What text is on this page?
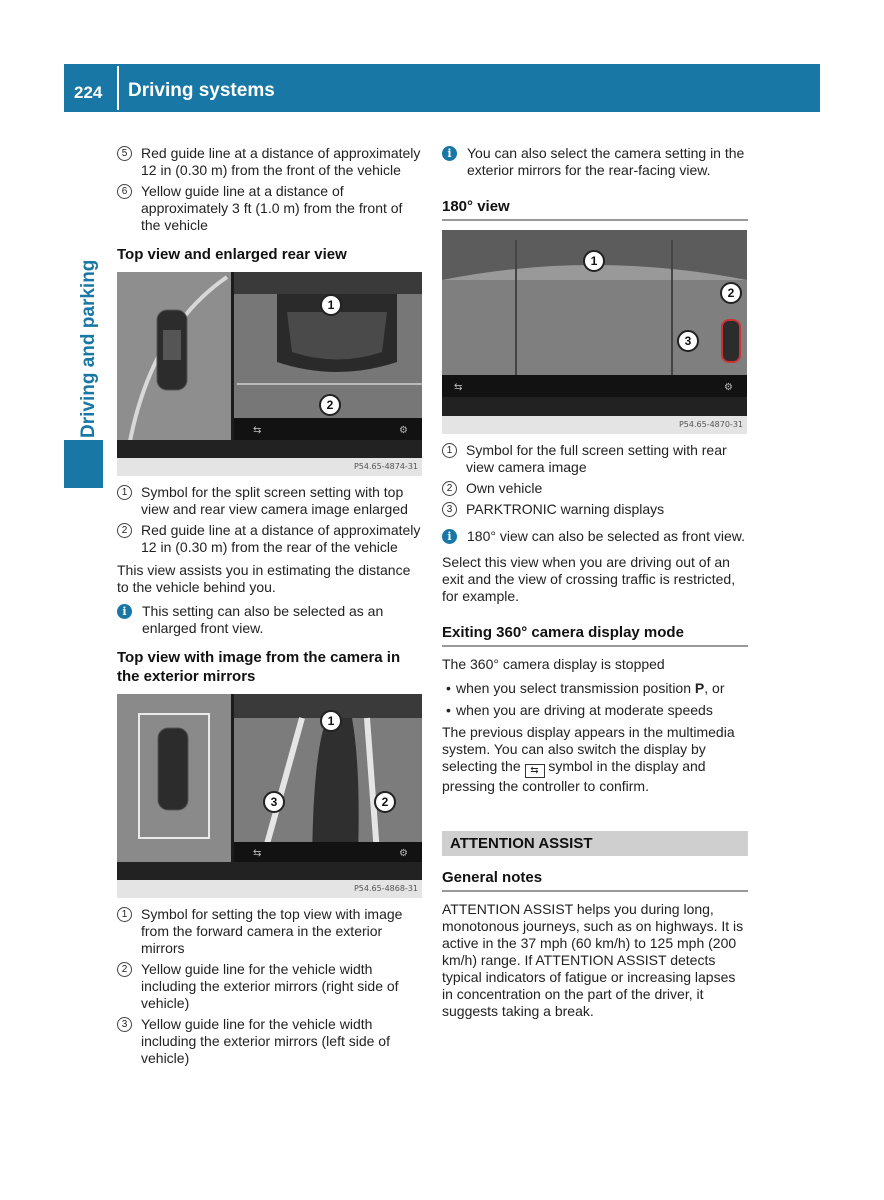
224 Driving systems
Driving and parking
5 Red guide line at a distance of approximately 12 in (0.30 m) from the front of the vehicle
6 Yellow guide line at a distance of approximately 3 ft (1.0 m) from the front of the vehicle
Top view and enlarged rear view
⇆	⚙
1
2
P54.65-4874-31
1 Symbol for the split screen setting with top view and rear view camera image enlarged
2 Red guide line at a distance of approximately 12 in (0.30 m) from the rear of the vehicle
This view assists you in estimating the distance to the vehicle behind you.
i	This setting can also be selected as an enlarged front view.
Top view with image from the camera in the exterior mirrors
⇆	⚙
1
2
3
P54.65-4868-31
1 Symbol for setting the top view with image from the forward camera in the exterior mirrors
2 Yellow guide line for the vehicle width including the exterior mirrors (right side of vehicle)
3 Yellow guide line for the vehicle width including the exterior mirrors (left side of vehicle)
i	You can also select the camera setting in the exterior mirrors for the rear-facing view.
180° view
⇆	⚙
1
2
3
P54.65-4870-31
1 Symbol for the full screen setting with rear view camera image
2 Own vehicle
3 PARKTRONIC warning displays
i	180° view can also be selected as front view.
Select this view when you are driving out of an exit and the view of crossing traffic is restricted, for example.
Exiting 360° camera display mode
The 360° camera display is stopped
• when you select transmission position P, or
• when you are driving at moderate speeds
The previous display appears in the multimedia system. You can also switch the display by selecting the ⇆ symbol in the display and pressing the controller to confirm.
ATTENTION ASSIST
General notes
ATTENTION ASSIST helps you during long, monotonous journeys, such as on highways. It is active in the 37 mph (60 km/h) to 125 mph (200 km/h) range. If ATTENTION ASSIST detects typical indicators of fatigue or increasing lapses in concentration on the part of the driver, it suggests taking a break.
